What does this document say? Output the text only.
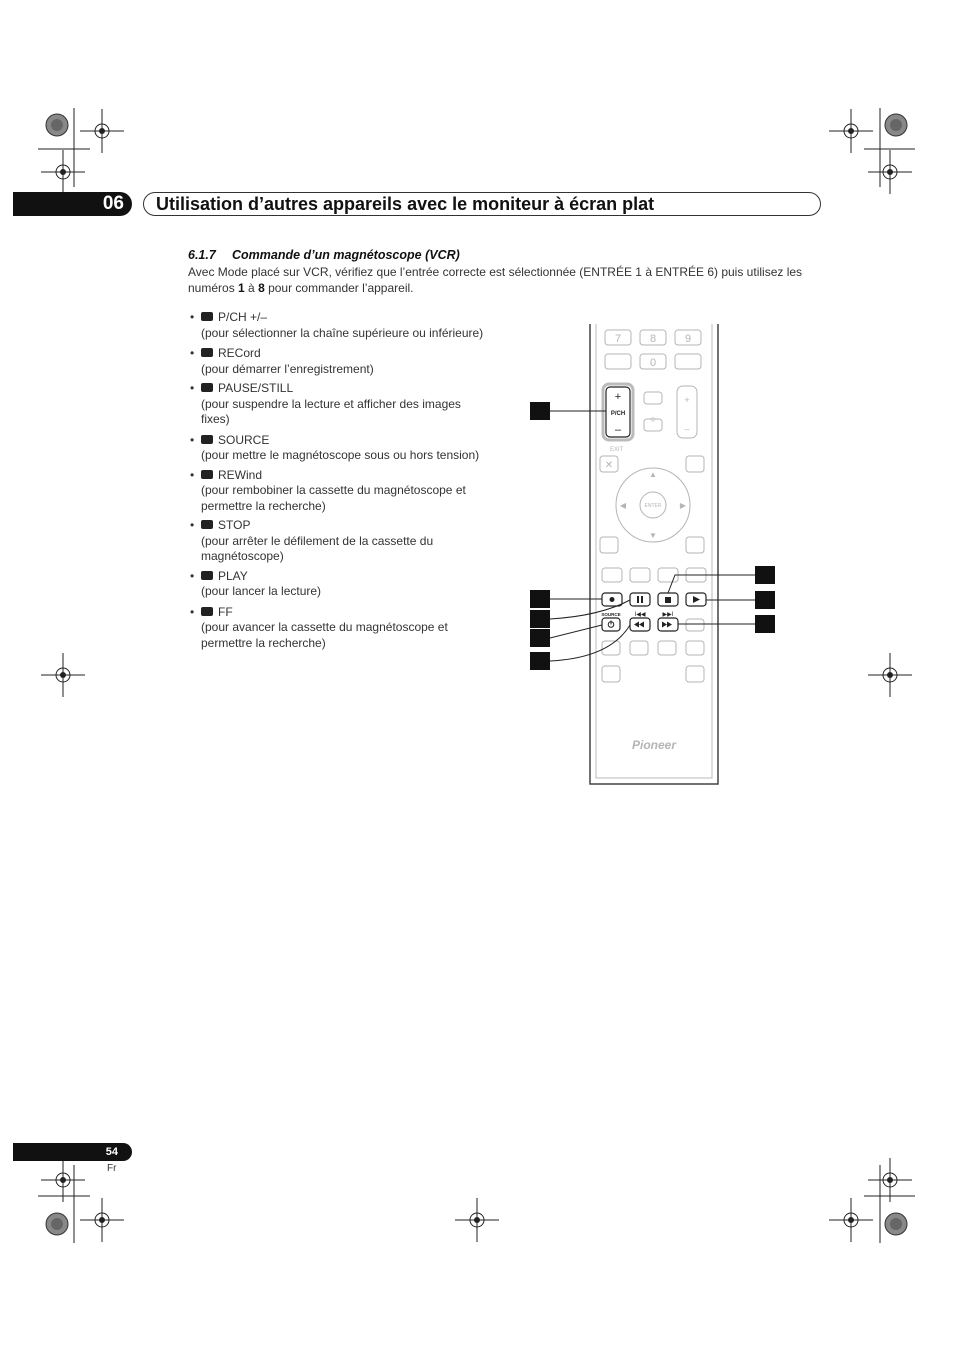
06	Utilisation d’autres appareils avec le moniteur à écran plat
6.1.7 Commande d’un magnétoscope (VCR)
Avec Mode placé sur VCR, vérifiez que l’entrée correcte est sélectionnée (ENTRÉE 1 à ENTRÉE 6) puis utilisez les numéros 1 à 8 pour commander l’appareil.
• P/CH +/–
(pour sélectionner la chaîne supérieure ou inférieure)
• RECord
(pour démarrer l’enregistrement)
• PAUSE/STILL
(pour suspendre la lecture et afficher des images fixes)
• SOURCE
(pour mettre le magnétoscope sous ou hors tension)
• REWind
(pour rembobiner la cassette du magnétoscope et permettre la recherche)
• STOP
(pour arrêter le défilement de la cassette du magnétoscope)
• PLAY
(pour lancer la lecture)
• FF
(pour avancer la cassette du magnétoscope et permettre la recherche)
7	8	9
0
+
P/CH
–
◎
+
–
EXIT
✕
ENTER
▲
▼
◀	▶
SOURCE I◀◀	▶▶I
Pioneer
54
Fr
